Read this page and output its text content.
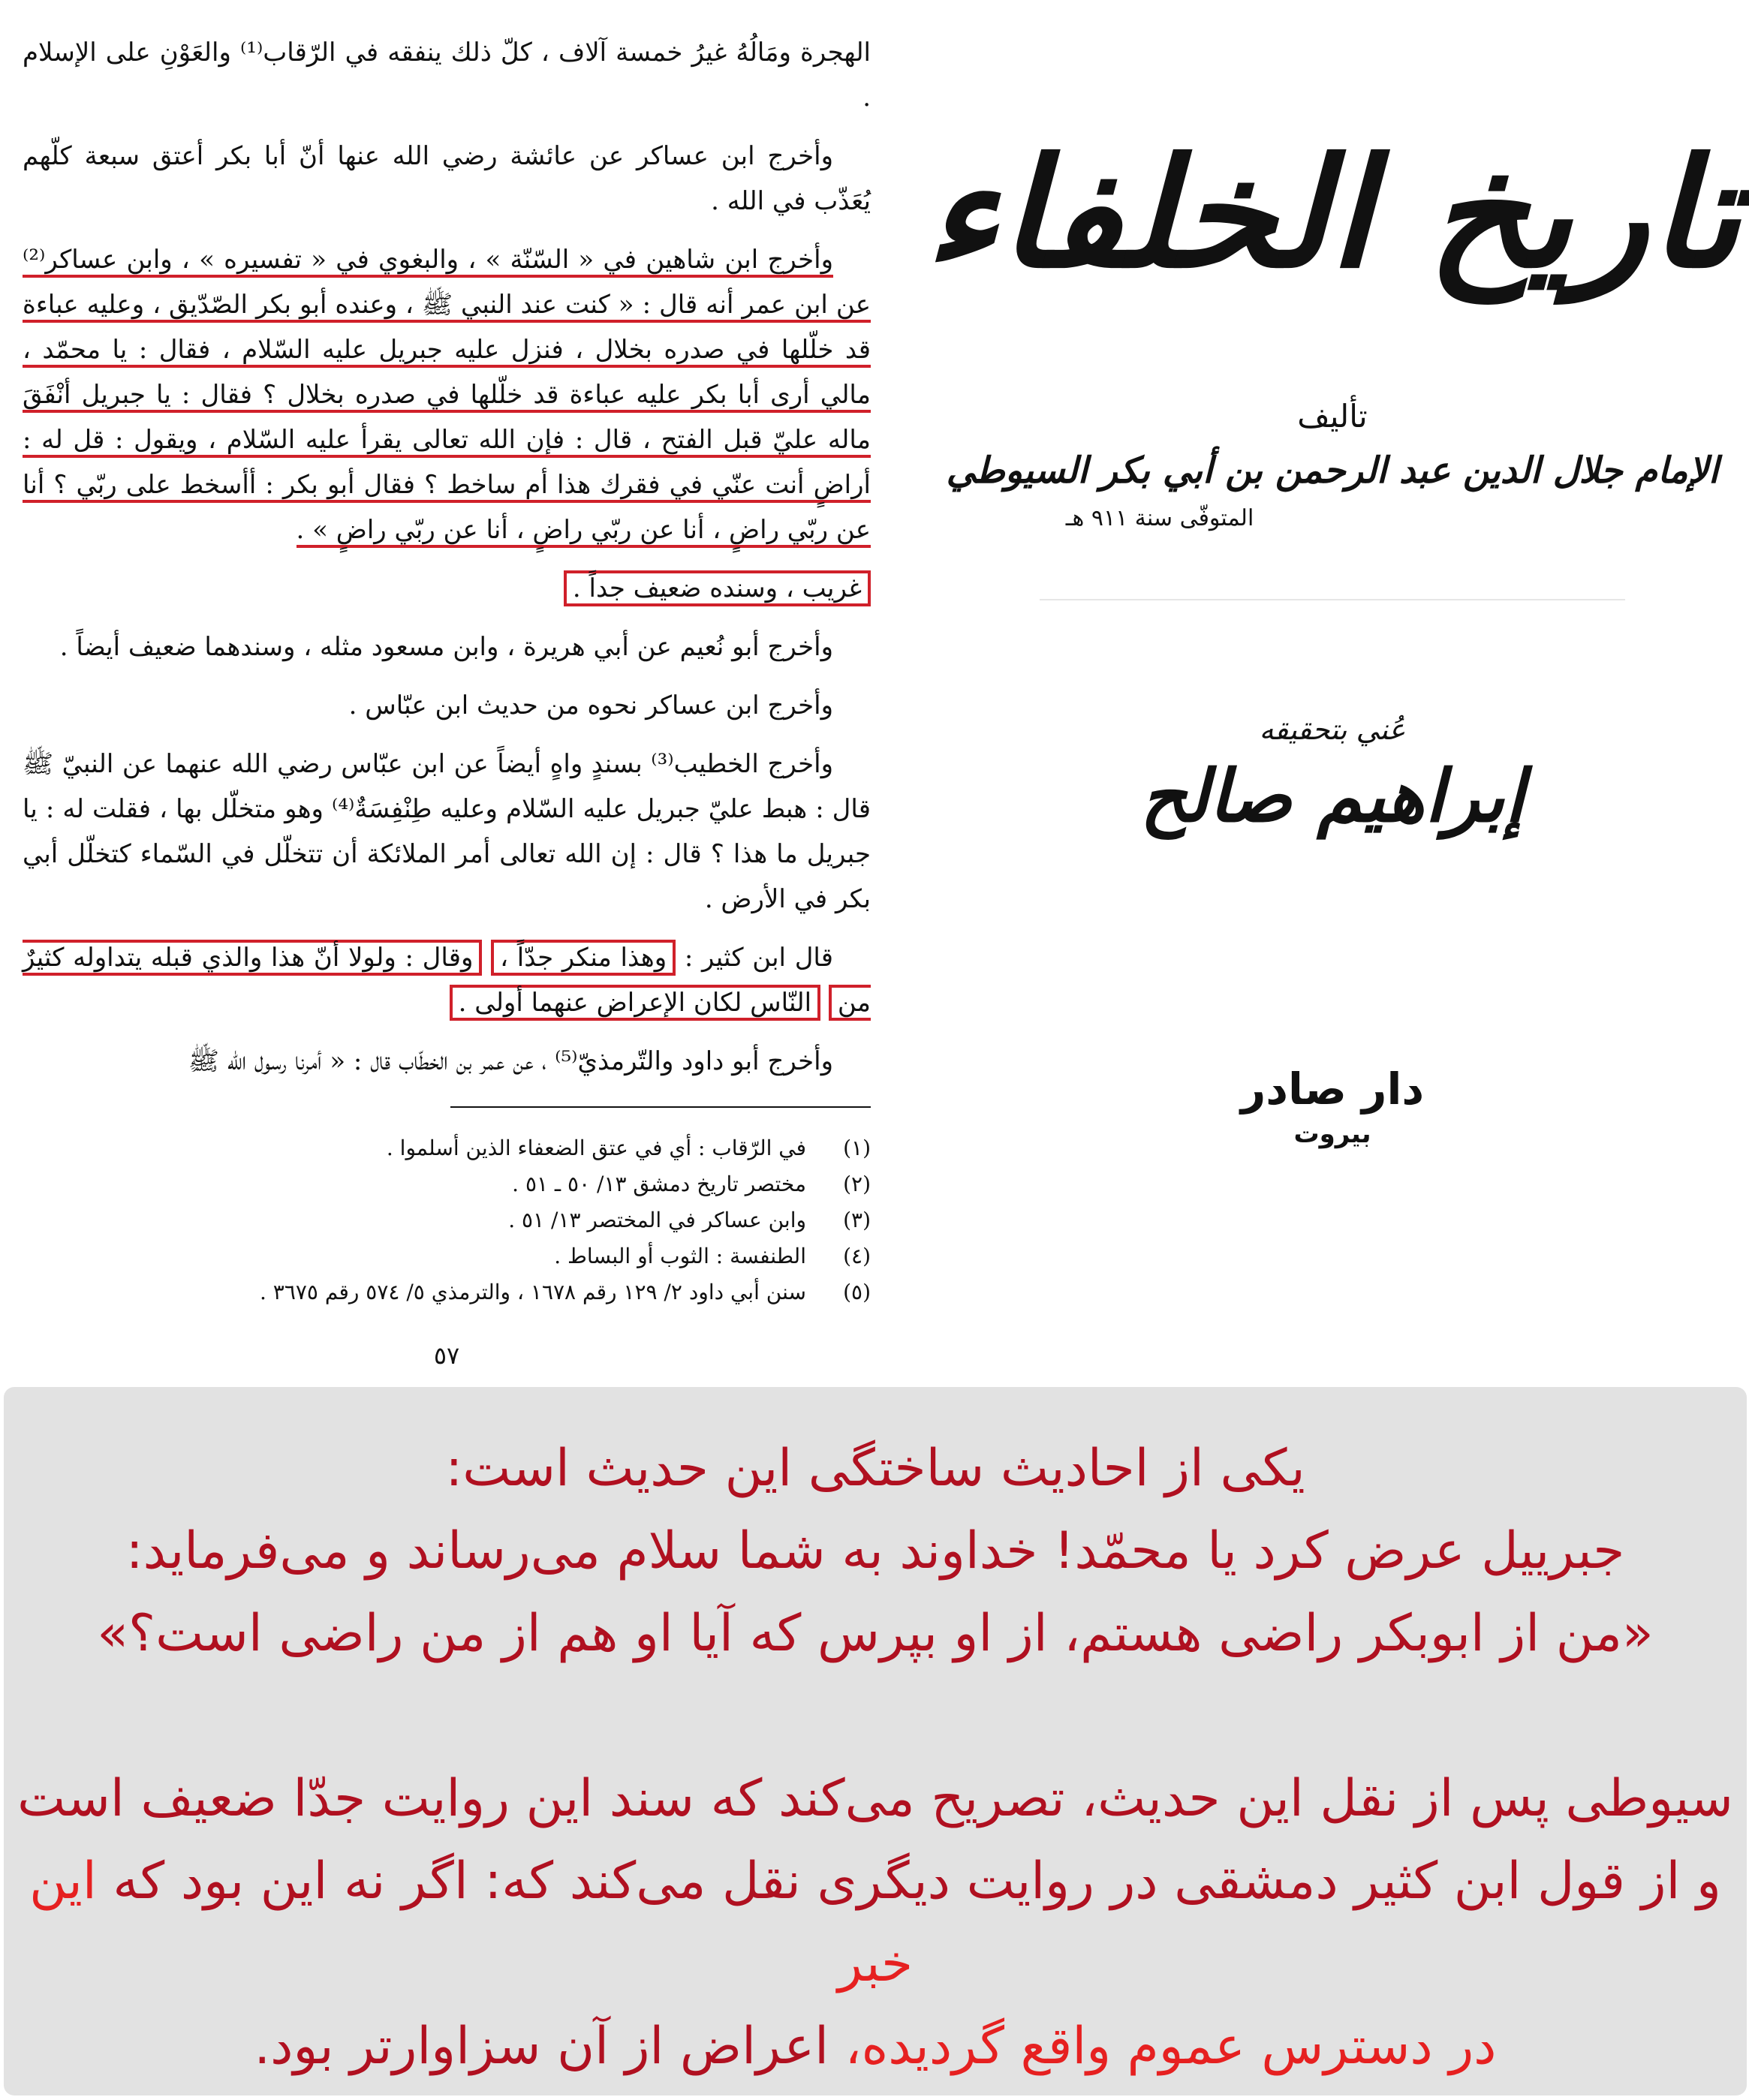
الهجرة ومَالُهُ غيرُ خمسة آلاف ، كلّ ذلك ينفقه في الرّقاب⁽¹⁾ والعَوْنِ على الإسلام .

وأخرج ابن عساكر عن عائشة رضي الله عنها أنّ أبا بكر أعتق سبعة كلّهم يُعَذّب في الله .

وأخرج ابن شاهين في « السّنّة » ، والبغوي في « تفسيره » ، وابن عساكر⁽²⁾ عن ابن عمر أنه قال : « كنت عند النبي ﷺ ، وعنده أبو بكر الصّدّيق ، وعليه عباءة قد خلّلها في صدره بخلال ، فنزل عليه جبريل عليه السّلام ، فقال : يا محمّد ، مالي أرى أبا بكر عليه عباءة قد خلّلها في صدره بخلال ؟ فقال : يا جبريل أنْفَقَ ماله عليّ قبل الفتح ، قال : فإن الله تعالى يقرأ عليه السّلام ، ويقول : قل له : أراضٍ أنت عنّي في فقرك هذا أم ساخط ؟ فقال أبو بكر : أأسخط على ربّي ؟ أنا عن ربّي راضٍ ، أنا عن ربّي راضٍ ، أنا عن ربّي راضٍ » .

غريب ، وسنده ضعيف جداً .

وأخرج أبو نُعيم عن أبي هريرة ، وابن مسعود مثله ، وسندهما ضعيف أيضاً .

وأخرج ابن عساكر نحوه من حديث ابن عبّاس .

وأخرج الخطيب⁽³⁾ بسندٍ واهٍ أيضاً عن ابن عبّاس رضي الله عنهما عن النبيّ ﷺ قال : هبط عليّ جبريل عليه السّلام وعليه طِنْفِسَةٌ⁽⁴⁾ وهو متخلّل بها ، فقلت له : يا جبريل ما هذا ؟ قال : إن الله تعالى أمر الملائكة أن تتخلّل في السّماء كتخلّل أبي بكر في الأرض .

قال ابن كثير : وهذا منكر جدّاً ، وقال : ولولا أنّ هذا والذي قبله يتداوله كثيرٌ من النّاس لكان الإعراض عنهما أولى .

وأخرج أبو داود والتّرمذيّ⁽⁵⁾ ، عن عمر بن الخطّاب قال : « أمرنا رسول الله ﷺ

(١)
في الرّقاب : أي في عتق الضعفاء الذين أسلموا .
(٢)
مختصر تاريخ دمشق ١٣/ ٥٠ ـ ٥١ .
(٣)
وابن عساكر في المختصر ١٣/ ٥١ .
(٤)
الطنفسة : الثوب أو البساط .
(٥)
سنن أبي داود ٢/ ١٢٩ رقم ١٦٧٨ ، والترمذي ٥/ ٥٧٤ رقم ٣٦٧٥ .
٥٧
تاريخ الخلفاء
تأليف
الإمام جلال الدين عبد الرحمن بن أبي بكر السيوطي
المتوفّى سنة ٩١١ هـ
عُني بتحقيقه
إبراهيم صالح
دار صادر
بيروت
یکی از احادیث ساختگی این حدیث است:
جبرییل عرض کرد یا محمّد! خداوند به شما سلام می‌رساند و می‌فرماید:
«من از ابوبکر راضی هستم، از او بپرس که آیا او هم از من راضی است؟»
سیوطی پس از نقل این حدیث، تصریح می‌کند که سند این روایت جدّا ضعیف است
و از قول ابن کثیر دمشقی در روایت دیگری نقل می‌کند که: اگر نه این بود که این خبر
در دسترس عموم واقع گردیده، اعراض از آن سزاوارتر بود.
